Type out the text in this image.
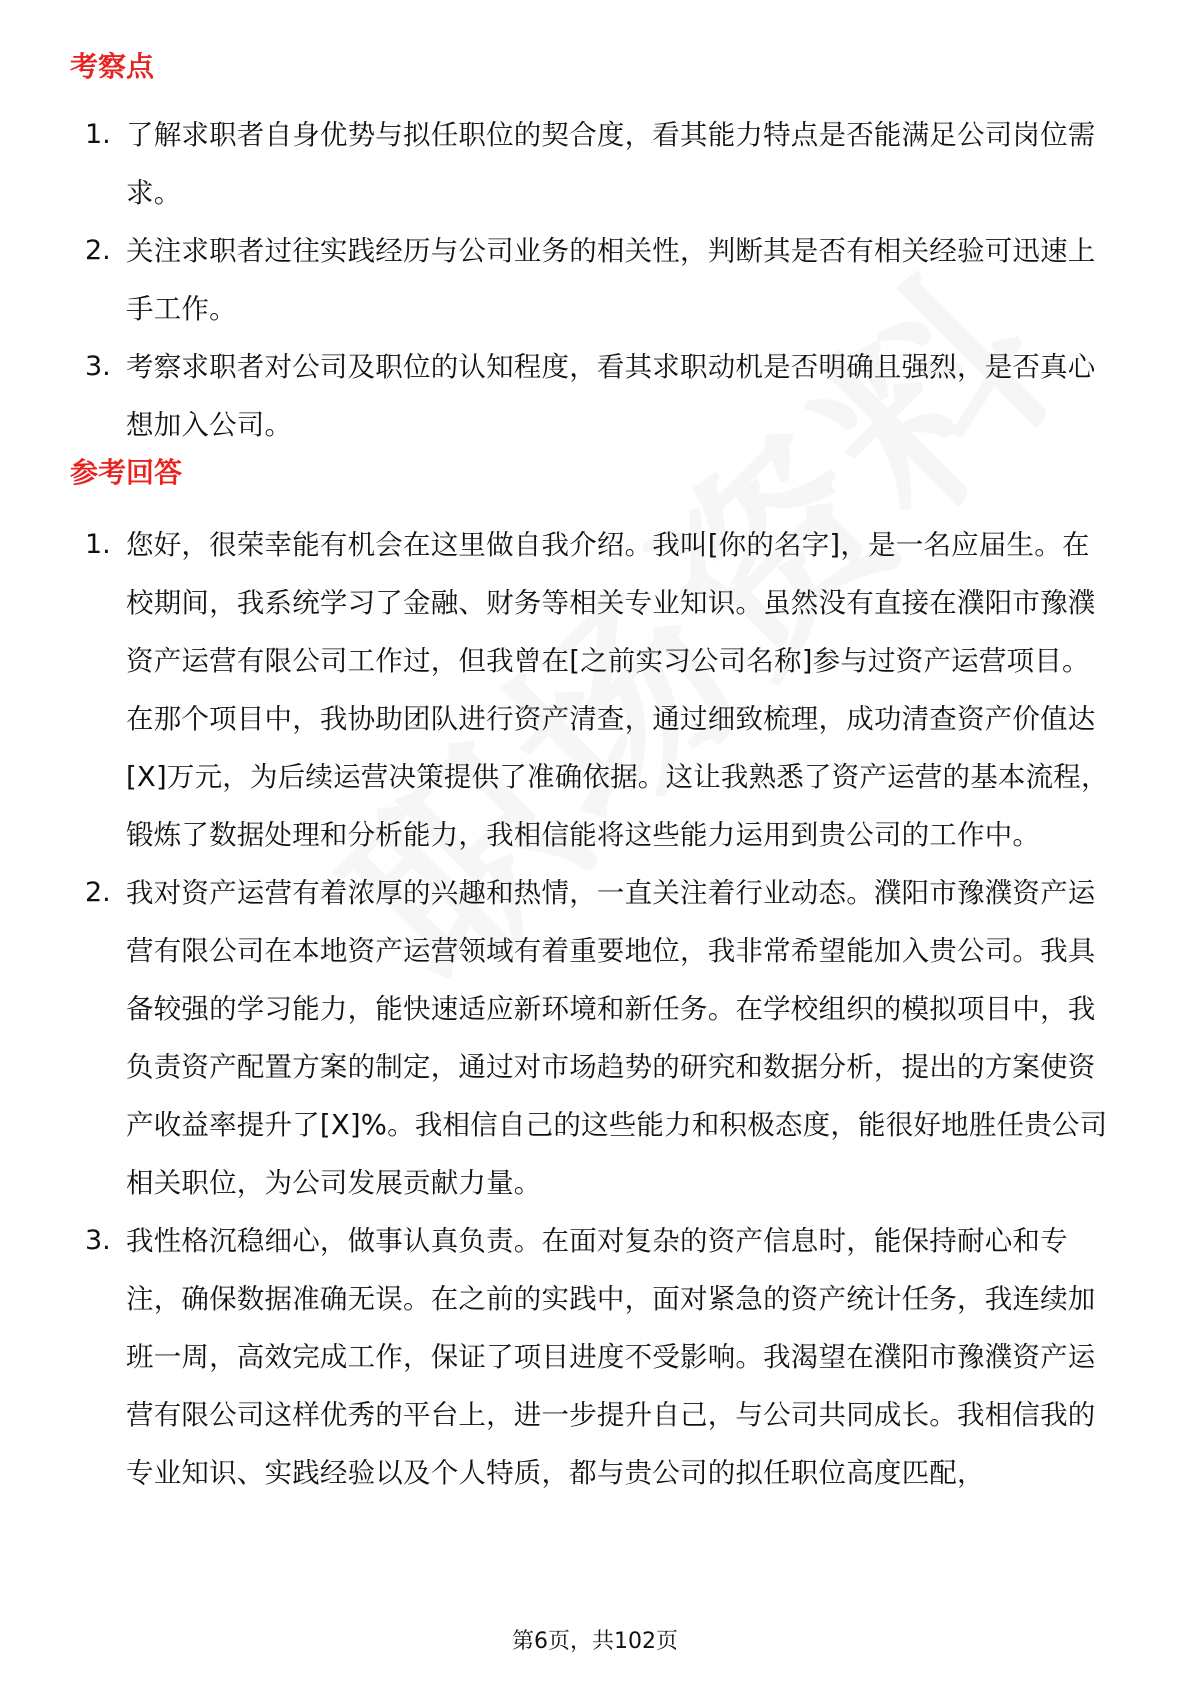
考察点
1. 了解求职者自身优势与拟任职位的契合度，看其能力特点是否能满足公司岗位需求。
2. 关注求职者过往实践经历与公司业务的相关性，判断其是否有相关经验可迅速上手工作。
3. 考察求职者对公司及职位的认知程度，看其求职动机是否明确且强烈，是否真心想加入公司。
参考回答
1. 您好，很荣幸能有机会在这里做自我介绍。我叫[你的名字]，是一名应届生。在校期间，我系统学习了金融、财务等相关专业知识。虽然没有直接在濮阳市豫濮资产运营有限公司工作过，但我曾在[之前实习公司名称]参与过资产运营项目。在那个项目中，我协助团队进行资产清查，通过细致梳理，成功清查资产价值达[X]万元，为后续运营决策提供了准确依据。这让我熟悉了资产运营的基本流程，锻炼了数据处理和分析能力，我相信能将这些能力运用到贵公司的工作中。
2. 我对资产运营有着浓厚的兴趣和热情，一直关注着行业动态。濮阳市豫濮资产运营有限公司在本地资产运营领域有着重要地位，我非常希望能加入贵公司。我具备较强的学习能力，能快速适应新环境和新任务。在学校组织的模拟项目中，我负责资产配置方案的制定，通过对市场趋势的研究和数据分析，提出的方案使资产收益率提升了[X]%。我相信自己的这些能力和积极态度，能很好地胜任贵公司相关职位，为公司发展贡献力量。
3. 我性格沉稳细心，做事认真负责。在面对复杂的资产信息时，能保持耐心和专注，确保数据准确无误。在之前的实践中，面对紧急的资产统计任务，我连续加班一周，高效完成工作，保证了项目进度不受影响。我渴望在濮阳市豫濮资产运营有限公司这样优秀的平台上，进一步提升自己，与公司共同成长。我相信我的专业知识、实践经验以及个人特质，都与贵公司的拟任职位高度匹配，
第6页，共102页
